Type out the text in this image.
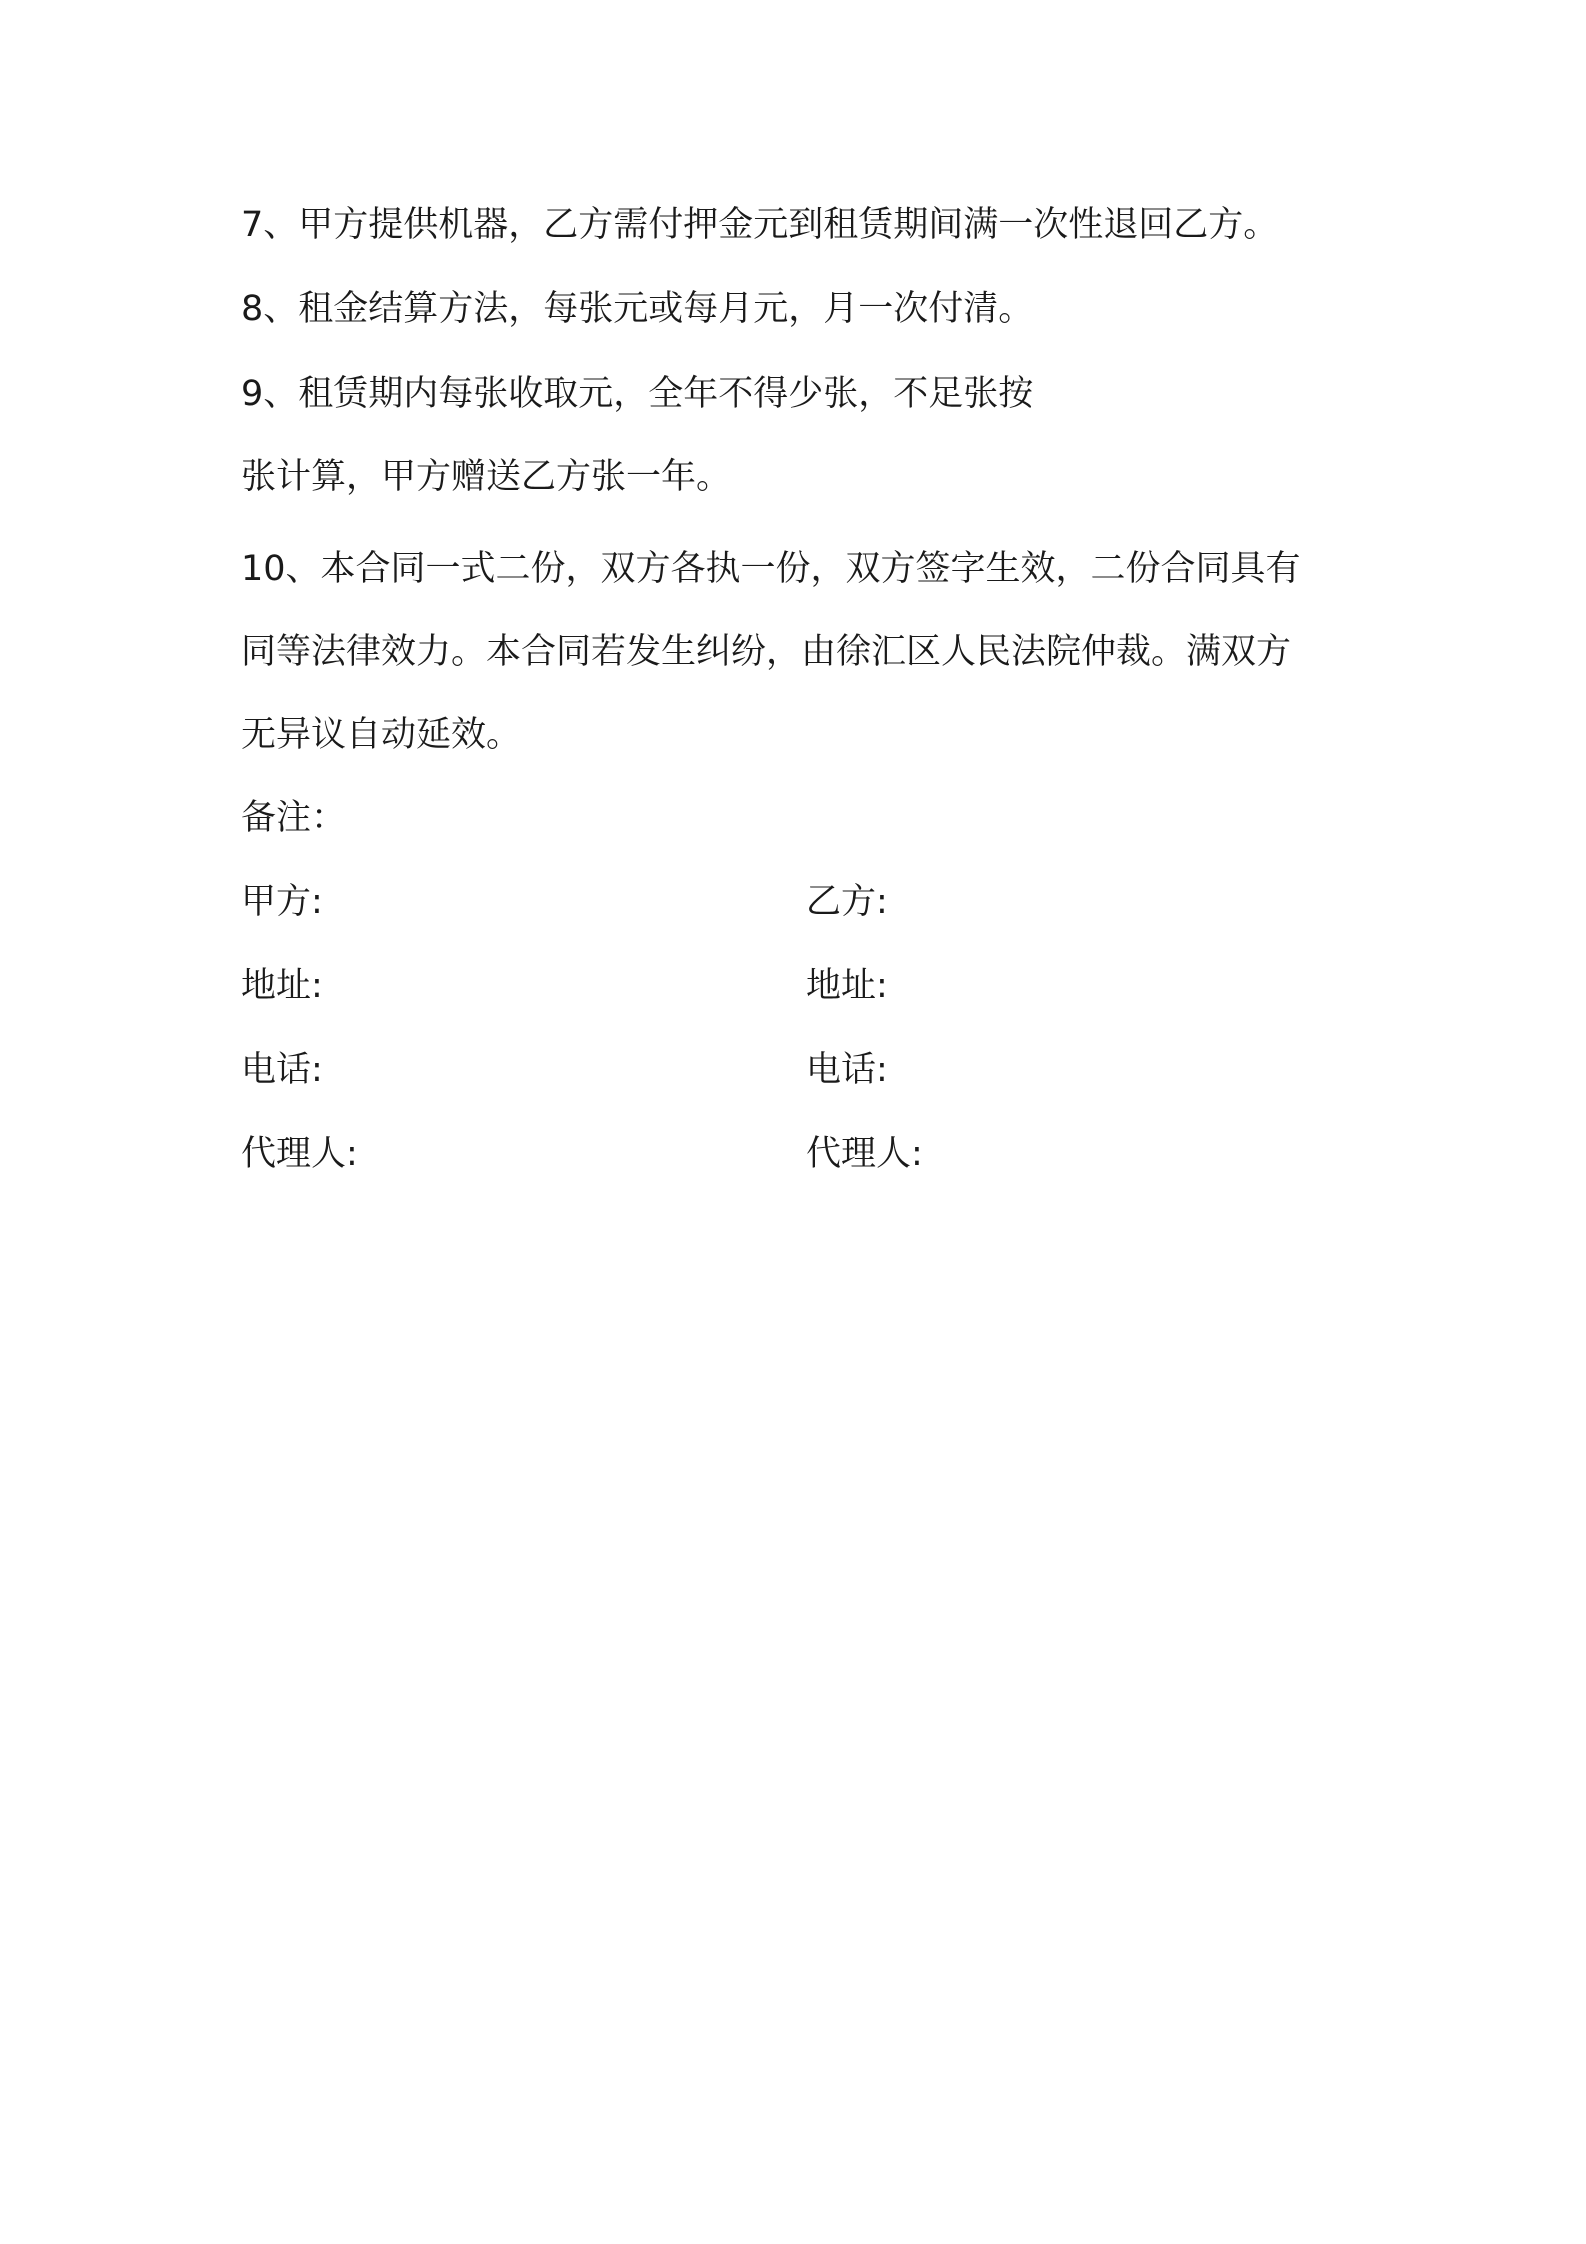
7、甲方提供机器，乙方需付押金元到租赁期间满一次性退回乙方。
8、租金结算方法，每张元或每月元，月一次付清。
9、租赁期内每张收取元，全年不得少张，不足张按
张计算，甲方赠送乙方张一年。
10、本合同一式二份，双方各执一份，双方签字生效，二份合同具有
同等法律效力。本合同若发生纠纷，由徐汇区人民法院仲裁。满双方
无异议自动延效。
备注：
甲方:	乙方:
地址:	地址:
电话:	电话:
代理人:	代理人:
